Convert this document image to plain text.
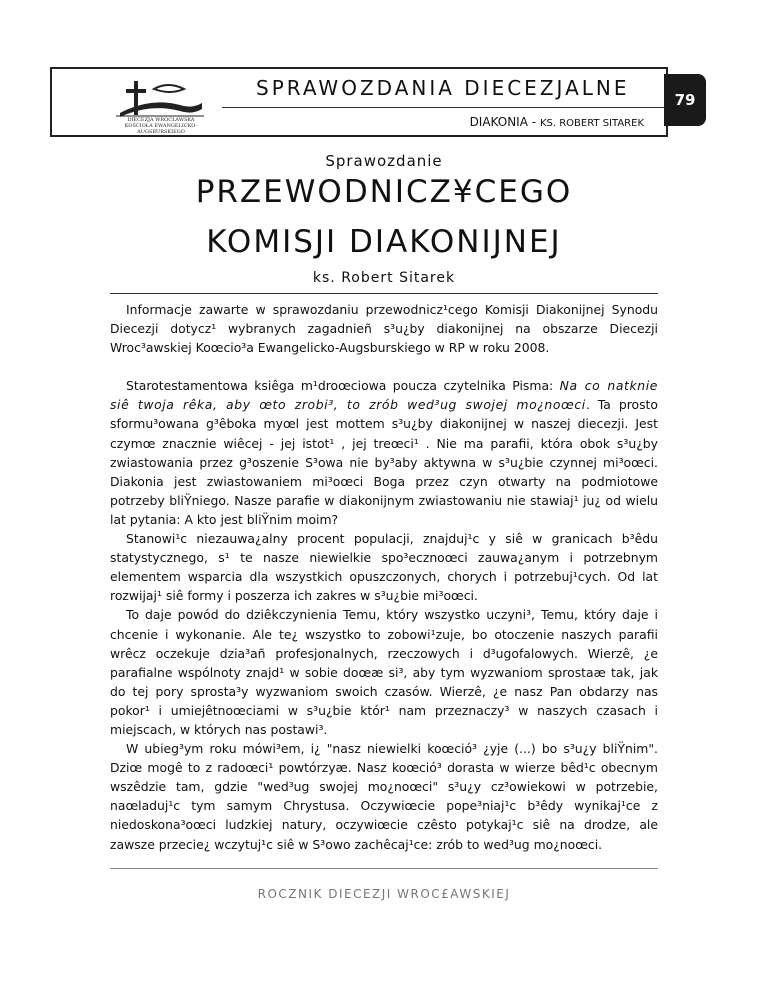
DIECEZJA WROCŁAWSKA
KOŚCIOŁA EWANGELICKO-AUGSBURSKIEGO
SPRAWOZDANIA DIECEZJALNE
DIAKONIA - KS. ROBERT SITAREK
79
Sprawozdanie
PRZEWODNICZ¥CEGO
KOMISJI DIAKONIJNEJ
ks. Robert Sitarek

Informacje zawarte w sprawozdaniu przewodnicz¹cego Komisji Diakonijnej Synodu Diecezji dotycz¹ wybranych zagadnieñ s³u¿by diakonijnej na obszarze Diecezji Wroc³awskiej Koœcio³a Ewangelicko-Augsburskiego w RP w roku 2008.

Starotestamentowa ksiêga m¹droœciowa poucza czytelnika Pisma: Na co natknie siê twoja rêka, aby œto zrobi³, to zrób wed³ug swojej mo¿noœci. Ta prosto sformu³owana g³êboka myœl jest mottem s³u¿by diakonijnej w naszej diecezji. Jest czymœ znacznie wiêcej - jej istot¹ , jej treœci¹ . Nie ma parafii, która obok s³u¿by zwiastowania przez g³oszenie S³owa nie by³aby aktywna w s³u¿bie czynnej mi³oœci. Diakonia jest zwiastowaniem mi³oœci Boga przez czyn otwarty na podmiotowe potrzeby bliŸniego. Nasze parafie w diakonijnym zwiastowaniu nie stawiaj¹ ju¿ od wielu lat pytania: A kto jest bliŸnim moim?

Stanowi¹c niezauwa¿alny procent populacji, znajduj¹c y siê w granicach b³êdu statystycznego, s¹ te nasze niewielkie spo³ecznoœci zauwa¿anym i potrzebnym elementem wsparcia dla wszystkich opuszczonych, chorych i potrzebuj¹cych. Od lat rozwijaj¹ siê formy i poszerza ich zakres w s³u¿bie mi³oœci.

To daje powód do dziêkczynienia Temu, który wszystko uczyni³, Temu, który daje i chcenie i wykonanie. Ale te¿ wszystko to zobowi¹zuje, bo otoczenie naszych parafii wrêcz oczekuje dzia³añ profesjonalnych, rzeczowych i d³ugofalowych. Wierzê, ¿e parafialne wspólnoty znajd¹ w sobie doœæ si³, aby tym wyzwaniom sprostaæ tak, jak do tej pory sprosta³y wyzwaniom swoich czasów. Wierzê, ¿e nasz Pan obdarzy nas pokor¹ i umiejêtnoœciami w s³u¿bie któr¹ nam przeznaczy³ w naszych czasach i miejscach, w których nas postawi³.

W ubieg³ym roku mówi³em, i¿ "nasz niewielki koœció³ ¿yje (...) bo s³u¿y bliŸnim". Dziœ mogê to z radoœci¹ powtórzyæ. Nasz koœció³ dorasta w wierze bêd¹c obecnym wszêdzie tam, gdzie "wed³ug swojej mo¿noœci" s³u¿y cz³owiekowi w potrzebie, naœladuj¹c tym samym Chrystusa. Oczywiœcie pope³niaj¹c b³êdy wynikaj¹ce z niedoskona³oœci ludzkiej natury, oczywiœcie czêsto potykaj¹c siê na drodze, ale zawsze przecie¿ wczytuj¹c siê w S³owo zachêcaj¹ce: zrób to wed³ug mo¿noœci.

ROCZNIK DIECEZJI WROC£AWSKIEJ
